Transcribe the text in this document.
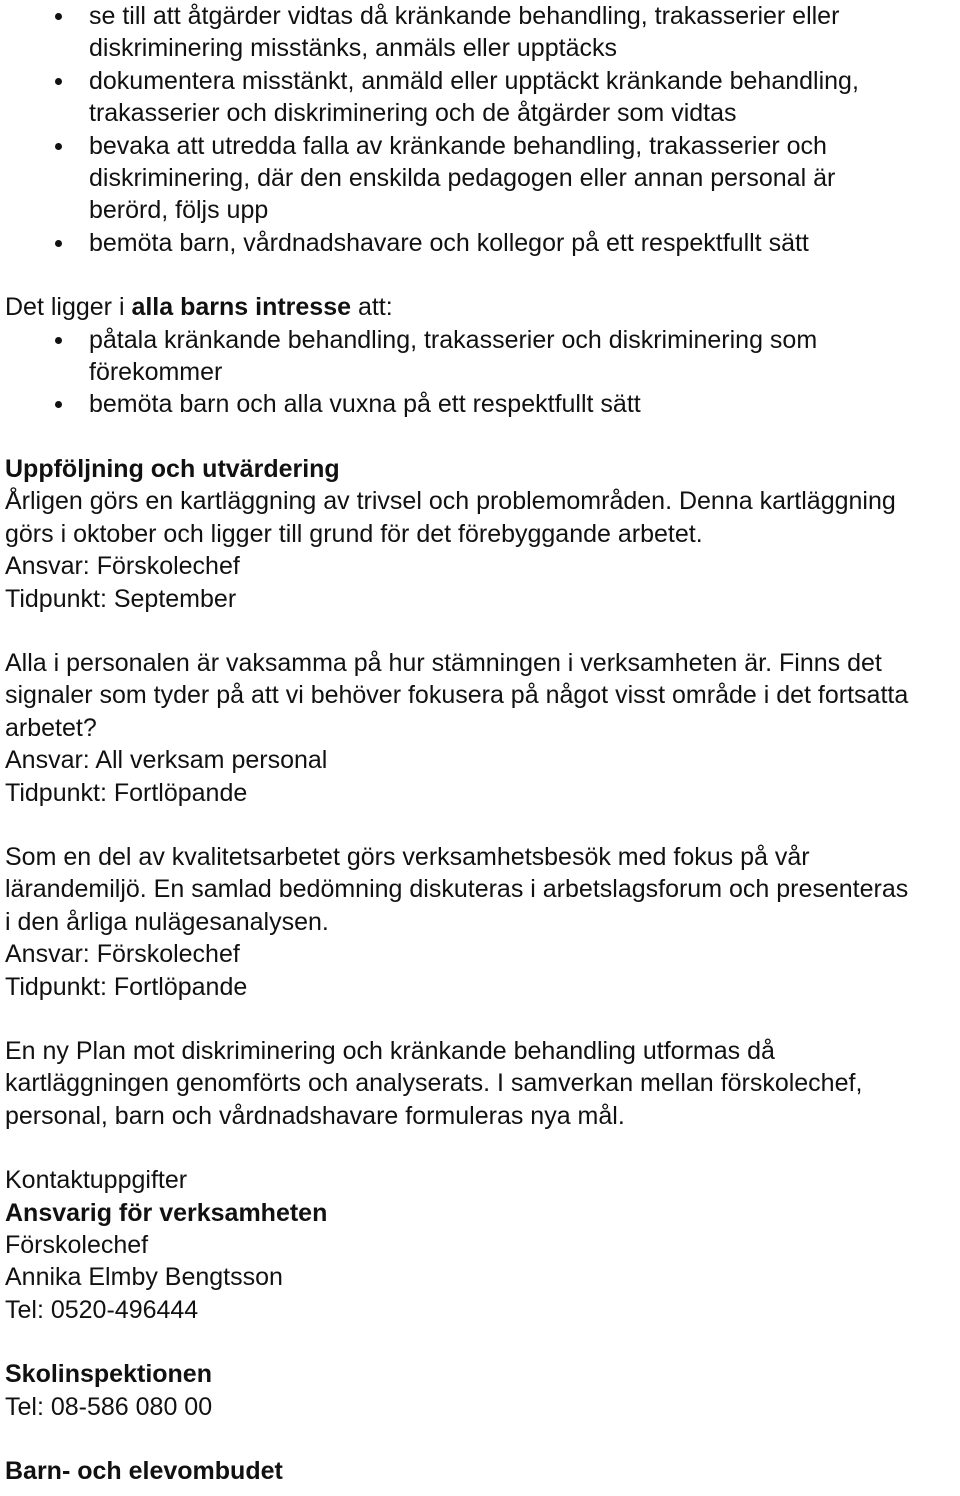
se till att åtgärder vidtas då kränkande behandling, trakasserier eller diskriminering misstänks, anmäls eller upptäcks
dokumentera misstänkt, anmäld eller upptäckt kränkande behandling, trakasserier och diskriminering och de åtgärder som vidtas
bevaka att utredda falla av kränkande behandling, trakasserier och diskriminering, där den enskilda pedagogen eller annan personal är berörd, följs upp
bemöta barn, vårdnadshavare och kollegor på ett respektfullt sätt

Det ligger i alla barns intresse att:

påtala kränkande behandling, trakasserier och diskriminering som förekommer
bemöta barn och alla vuxna på ett respektfullt sätt
Uppföljning och utvärdering

Årligen görs en kartläggning av trivsel och problemområden. Denna kartläggning görs i oktober och ligger till grund för det förebyggande arbetet.

Ansvar: Förskolechef
Tidpunkt: September

Alla i personalen är vaksamma på hur stämningen i verksamheten är. Finns det signaler som tyder på att vi behöver fokusera på något visst område i det fortsatta arbetet?

Ansvar: All verksam personal
Tidpunkt: Fortlöpande

Som en del av kvalitetsarbetet görs verksamhetsbesök med fokus på vår lärandemiljö. En samlad bedömning diskuteras i arbetslagsforum och presenteras i den årliga nulägesanalysen.

Ansvar: Förskolechef
Tidpunkt: Fortlöpande

En ny Plan mot diskriminering och kränkande behandling utformas då kartläggningen genomförts och analyserats. I samverkan mellan förskolechef, personal, barn och vårdnadshavare formuleras nya mål.

Kontaktuppgifter
Ansvarig för verksamheten
Förskolechef
Annika Elmby Bengtsson
Tel: 0520-496444
Skolinspektionen
Tel: 08-586 080 00
Barn- och elevombudet
